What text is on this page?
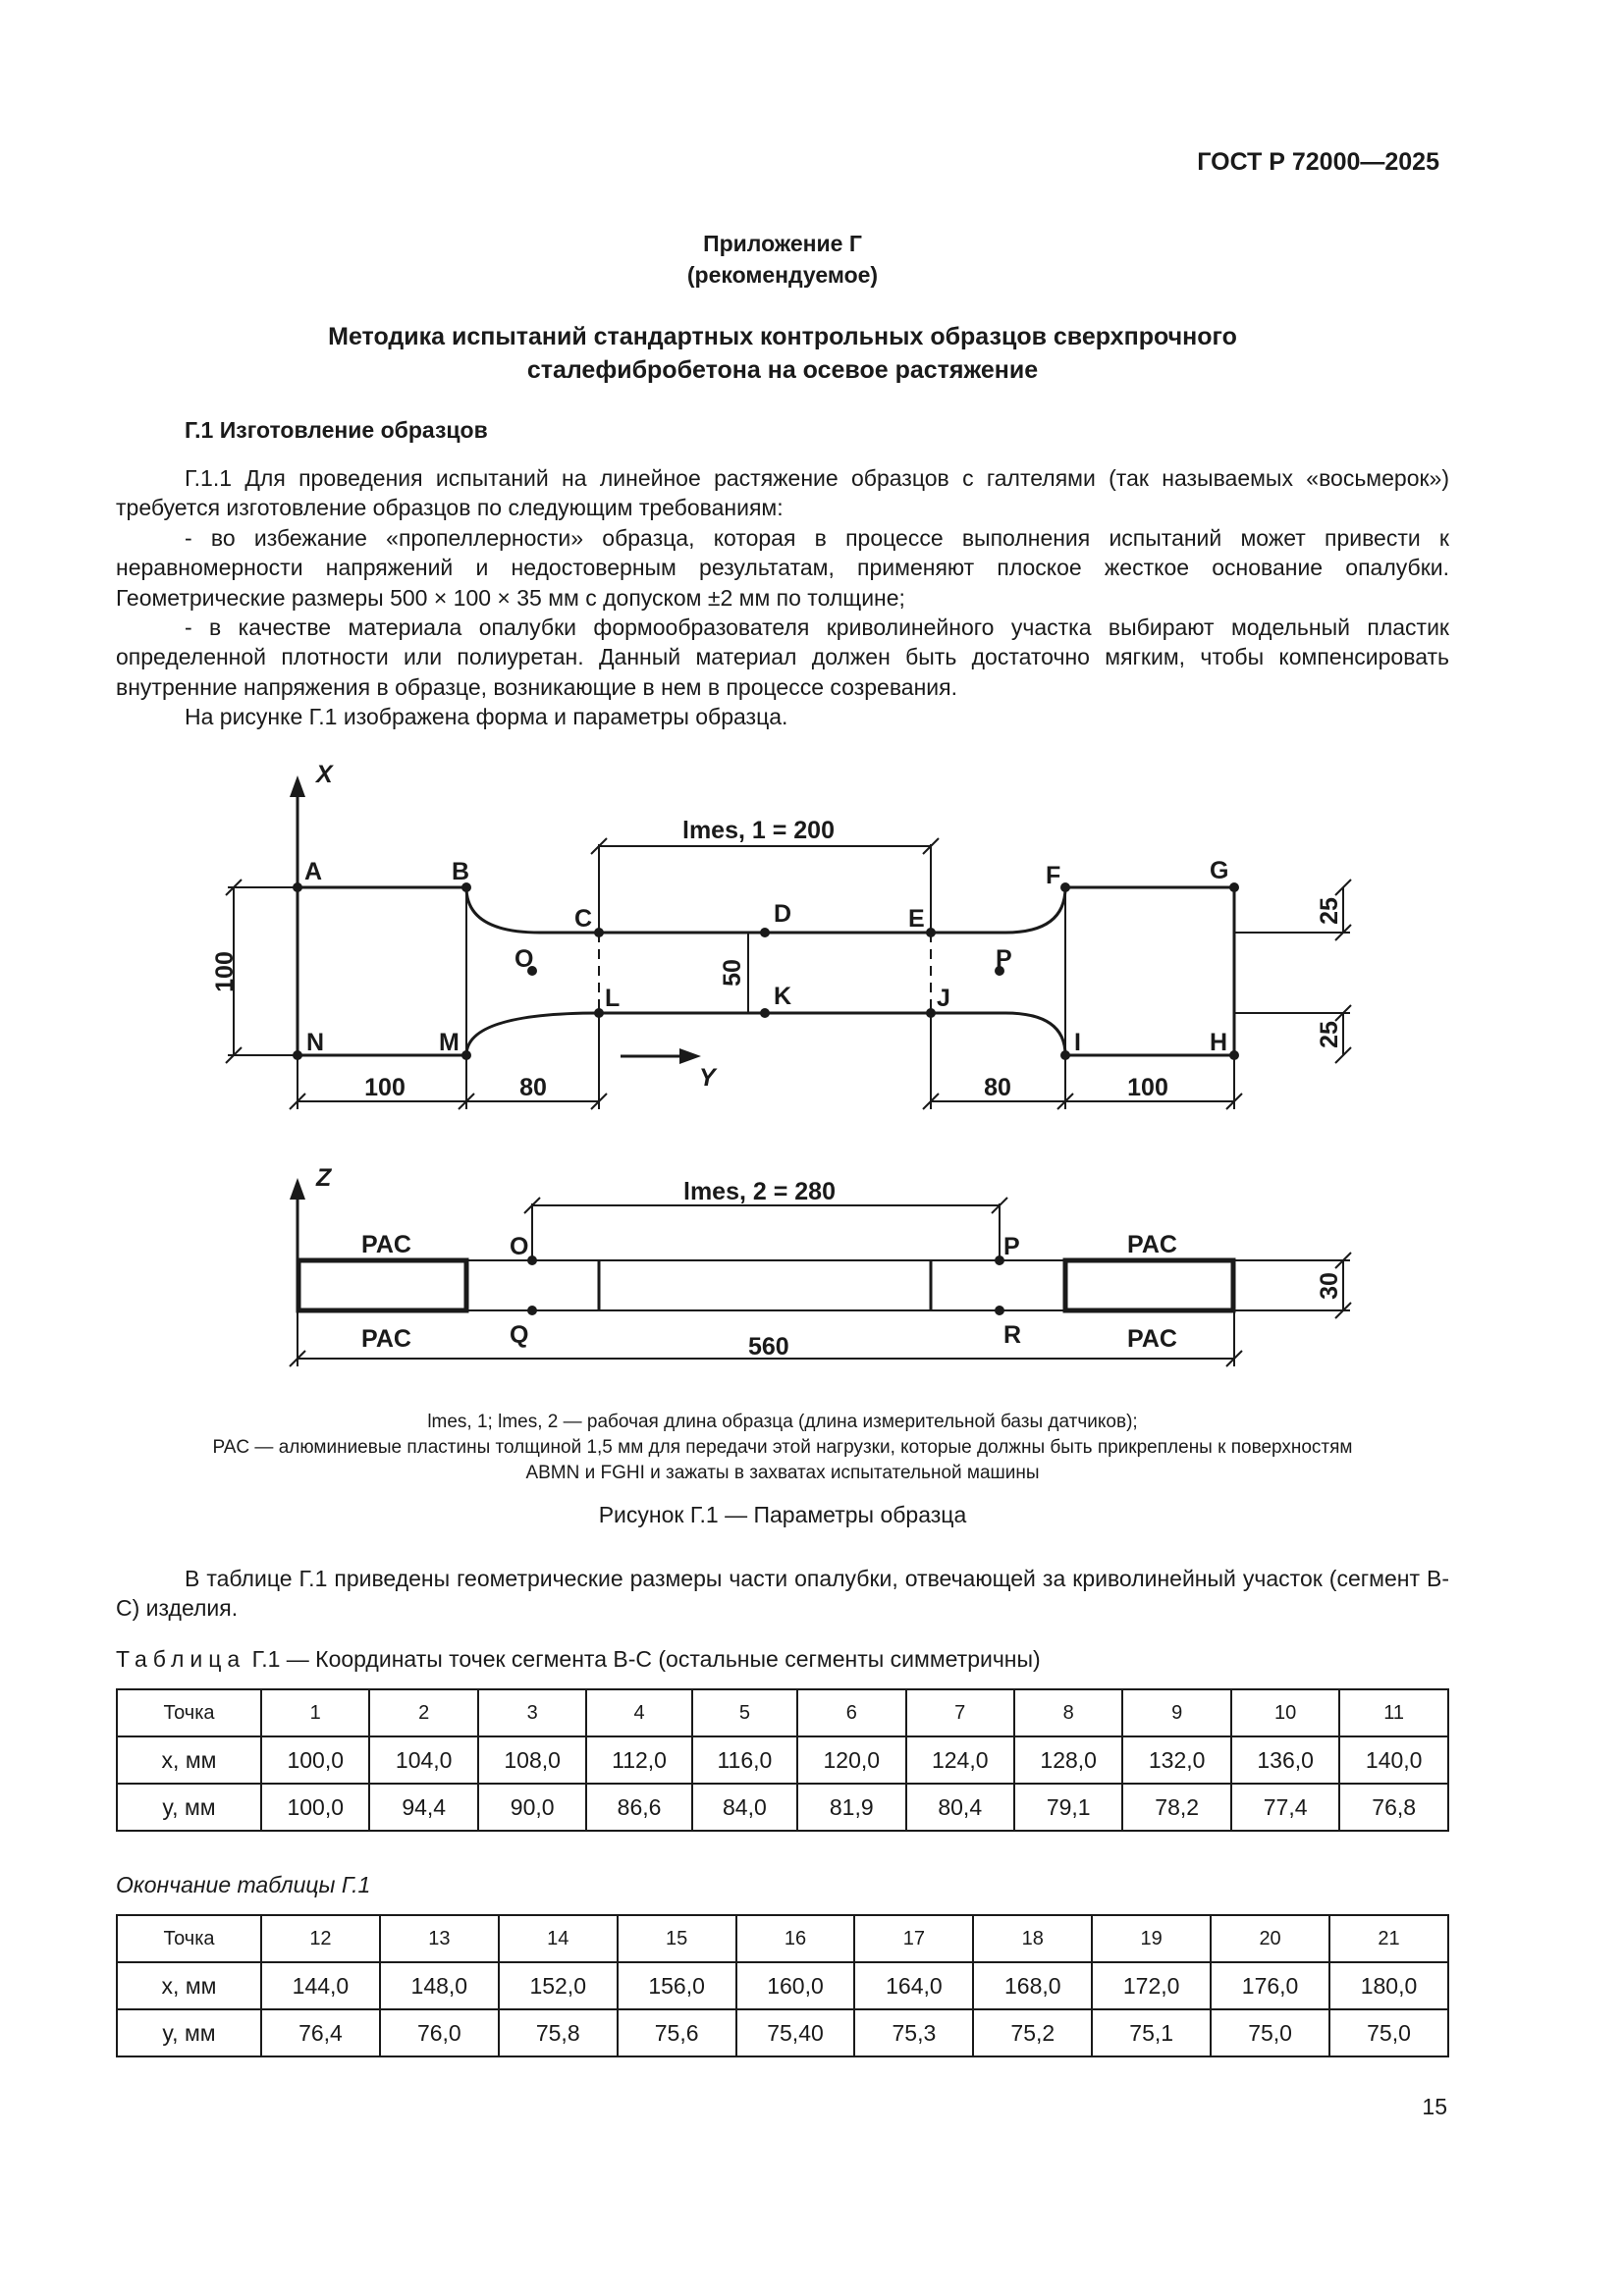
ГОСТ Р 72000—2025
Приложение Г
(рекомендуемое)
Методика испытаний стандартных контрольных образцов сверхпрочного
сталефибробетона на осевое растяжение
Г.1 Изготовление образцов

Г.1.1 Для проведения испытаний на линейное растяжение образцов с галтелями (так называемых «восьмерок») требуется изготовление образцов по следующим требованиям:

- во избежание «пропеллерности» образца, которая в процессе выполнения испытаний может привести к неравномерности напряжений и недостоверным результатам, применяют плоское жесткое основание опалубки. Геометрические размеры 500 × 100 × 35 мм с допуском ±2 мм по толщине;

- в качестве материала опалубки формообразователя криволинейного участка выбирают модельный пластик определенной плотности или полиуретан. Данный материал должен быть достаточно мягким, чтобы компенсировать внутренние напряжения в образце, возникающие в нем в процессе созревания.

На рисунке Г.1 изображена форма и параметры образца.

X
Y
lmes, 1 = 200
100	50
25
25
100	80	80	100
A	B
C	D	E
F	G
H
I
J
K
L
M
N
O	P
Z	lmes, 2 = 280
30
560
PAC
PAC
PAC
PAC
O	P
Q	R
lmes, 1; lmes, 2 — рабочая длина образца (длина измерительной базы датчиков);
PAC — алюминиевые пластины толщиной 1,5 мм для передачи этой нагрузки, которые должны быть прикреплены к поверхностям
ABMN и FGHI и зажаты в захватах испытательной машины
Рисунок Г.1 — Параметры образца

В таблице Г.1 приведены геометрические размеры части опалубки, отвечающей за криволинейный участок (сегмент B-C) изделия.

Таблица Г.1 — Координаты точек сегмента B-C (остальные сегменты симметричны)
Точка	1	2	3	4	5	6	7	8	9	10	11
x, мм	100,0	104,0	108,0	112,0	116,0	120,0	124,0	128,0	132,0	136,0	140,0
y, мм	100,0	94,4	90,0	86,6	84,0	81,9	80,4	79,1	78,2	77,4	76,8
Окончание таблицы Г.1
Точка	12	13	14	15	16	17	18	19	20	21
x, мм	144,0	148,0	152,0	156,0	160,0	164,0	168,0	172,0	176,0	180,0
y, мм	76,4	76,0	75,8	75,6	75,40	75,3	75,2	75,1	75,0	75,0
15
